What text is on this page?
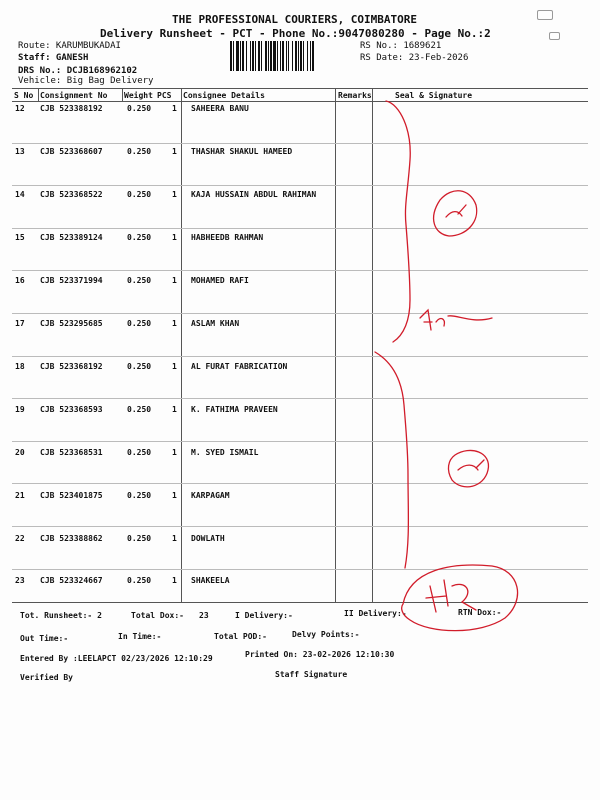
THE PROFESSIONAL COURIERS, COIMBATORE
Delivery Runsheet - PCT - Phone No.:9047080280 - Page No.:2
Route: KARUMBUKADAI
Staff: GANESH
DRS No.: DCJB168962102
Vehicle: Big Bag Delivery
RS No.: 1689621
RS Date: 23-Feb-2026
S No Consignment No Weight PCS Consignee Details	Remarks	Seal & Signature
12 CJB 523388192	0.250	1 SAHEERA BANU
13 CJB 523368607	0.250	1 THASHAR SHAKUL HAMEED
14 CJB 523368522	0.250	1 KAJA HUSSAIN ABDUL RAHIMAN
15 CJB 523389124	0.250	1 HABHEEDB RAHMAN
16 CJB 523371994	0.250	1 MOHAMED RAFI
17 CJB 523295685	0.250	1 ASLAM KHAN
18 CJB 523368192	0.250	1 AL FURAT FABRICATION
19 CJB 523368593	0.250	1 K. FATHIMA PRAVEEN
20 CJB 523368531	0.250	1 M. SYED ISMAIL
21 CJB 523401875	0.250	1 KARPAGAM
22 CJB 523388862	0.250	1 DOWLATH
23 CJB 523324667	0.250	1 SHAKEELA
Tot. Runsheet:- 2	Total Dox:- 23	I Delivery:-	II Delivery:-	RTN Dox:-
Out Time:-	In Time:-	Total POD:-	Delvy Points:-
Entered By :LEELAPCT 02/23/2026 12:10:29	Printed On: 23-02-2026 12:10:30
Verified By	Staff Signature
